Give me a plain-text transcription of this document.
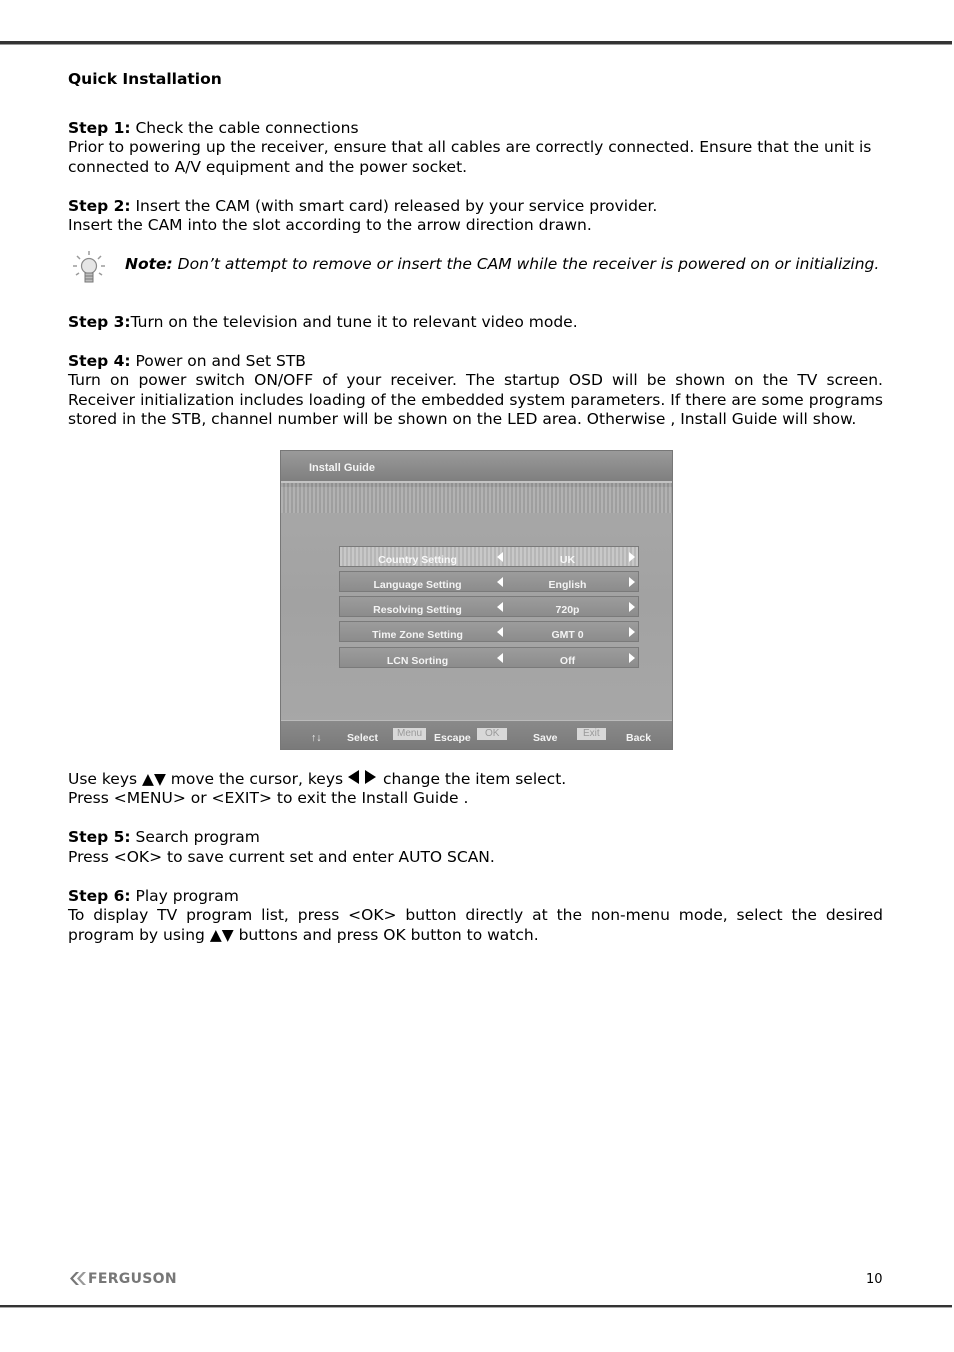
Quick Installation

Step 1: Check the cable connections

Prior to powering up the receiver, ensure that all cables are correctly connected. Ensure that the unit is connected to A/V equipment and the power socket.

Step 2: Insert the CAM (with smart card) released by your service provider.

Insert the CAM into the slot according to the arrow direction drawn.

Note: Don’t attempt to remove or insert the CAM while the receiver is powered on or initializing.

Step 3:Turn on the television and tune it to relevant video mode.

Step 4: Power on and Set STB

Turn on power switch ON/OFF of your receiver. The startup OSD will be shown on the TV screen. Receiver initialization includes loading of the embedded system parameters. If there are some programs stored in the STB, channel number will be shown on the LED area. Otherwise , Install Guide will show.

Install Guide
Country Setting	UK
Language Setting	English
Resolving Setting	720p
Time Zone Setting	GMT 0
LCN Sorting	Off
↑↓ Select	Menu	Escape	OK	Save	Exit	Back

Use keys ▲▼ move the cursor, keys  change the item select.

Press <MENU> or <EXIT> to exit the Install Guide .

Step 5: Search program

Press <OK> to save current set and enter AUTO SCAN.

Step 6: Play program

To display TV program list, press <OK> button directly at the non-menu mode, select the desired program by using ▲▼ buttons and press OK button to watch.

FERGUSON	10
